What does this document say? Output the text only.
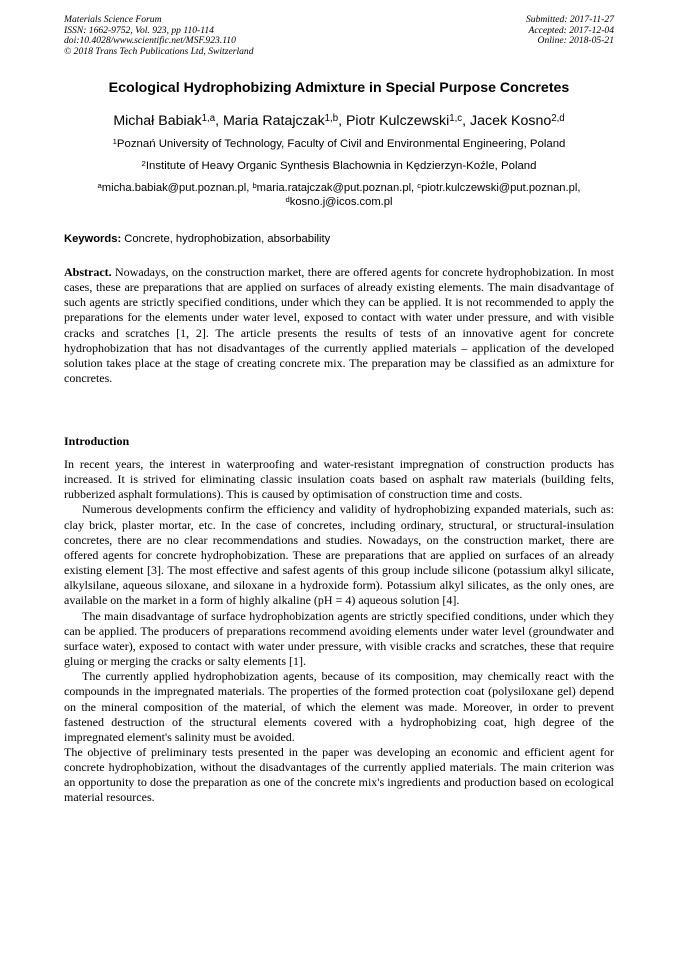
Materials Science Forum
ISSN: 1662-9752, Vol. 923, pp 110-114
doi:10.4028/www.scientific.net/MSF.923.110
© 2018 Trans Tech Publications Ltd, Switzerland
Submitted: 2017-11-27
Accepted: 2017-12-04
Online: 2018-05-21
Ecological Hydrophobizing Admixture in Special Purpose Concretes
Michał Babiak$^{1,a}$, Maria Ratajczak$^{1,b}$, Piotr Kulczewski$^{1,c}$, Jacek Kosno$^{2,d}$
$^1$Poznań University of Technology, Faculty of Civil and Environmental Engineering, Poland
$^2$Institute of Heavy Organic Synthesis Blachownia in Kędzierzyn-Koźle, Poland
$^a$micha.babiak@put.poznan.pl, $^b$maria.ratajczak@put.poznan.pl, $^c$piotr.kulczewski@put.poznan.pl,
$^d$kosno.j@icos.com.pl
Keywords: Concrete, hydrophobization, absorbability

Abstract. Nowadays, on the construction market, there are offered agents for concrete hydrophobization. In most cases, these are preparations that are applied on surfaces of already existing elements. The main disadvantage of such agents are strictly specified conditions, under which they can be applied. It is not recommended to apply the preparations for the elements under water level, exposed to contact with water under pressure, and with visible cracks and scratches [1, 2]. The article presents the results of tests of an innovative agent for concrete hydrophobization that has not disadvantages of the currently applied materials – application of the developed solution takes place at the stage of creating concrete mix. The preparation may be classified as an admixture for concretes.

Introduction

In recent years, the interest in waterproofing and water-resistant impregnation of construction products has increased. It is strived for eliminating classic insulation coats based on asphalt raw materials (building felts, rubberized asphalt formulations). This is caused by optimisation of construction time and costs.

Numerous developments confirm the efficiency and validity of hydrophobizing expanded materials, such as: clay brick, plaster mortar, etc. In the case of concretes, including ordinary, structural, or structural-insulation concretes, there are no clear recommendations and studies. Nowadays, on the construction market, there are offered agents for concrete hydrophobization. These are preparations that are applied on surfaces of an already existing element [3]. The most effective and safest agents of this group include silicone (potassium alkyl silicate, alkylsilane, aqueous siloxane, and siloxane in a hydroxide form). Potassium alkyl silicates, as the only ones, are available on the market in a form of highly alkaline (pH = 4) aqueous solution [4].

The main disadvantage of surface hydrophobization agents are strictly specified conditions, under which they can be applied. The producers of preparations recommend avoiding elements under water level (groundwater and surface water), exposed to contact with water under pressure, with visible cracks and scratches, these that require gluing or merging the cracks or salty elements [1].

The currently applied hydrophobization agents, because of its composition, may chemically react with the compounds in the impregnated materials. The properties of the formed protection coat (polysiloxane gel) depend on the mineral composition of the material, of which the element was made. Moreover, in order to prevent fastened destruction of the structural elements covered with a hydrophobizing coat, high degree of the impregnated element's salinity must be avoided.

The objective of preliminary tests presented in the paper was developing an economic and efficient agent for concrete hydrophobization, without the disadvantages of the currently applied materials. The main criterion was an opportunity to dose the preparation as one of the concrete mix's ingredients and production based on ecological material resources.
